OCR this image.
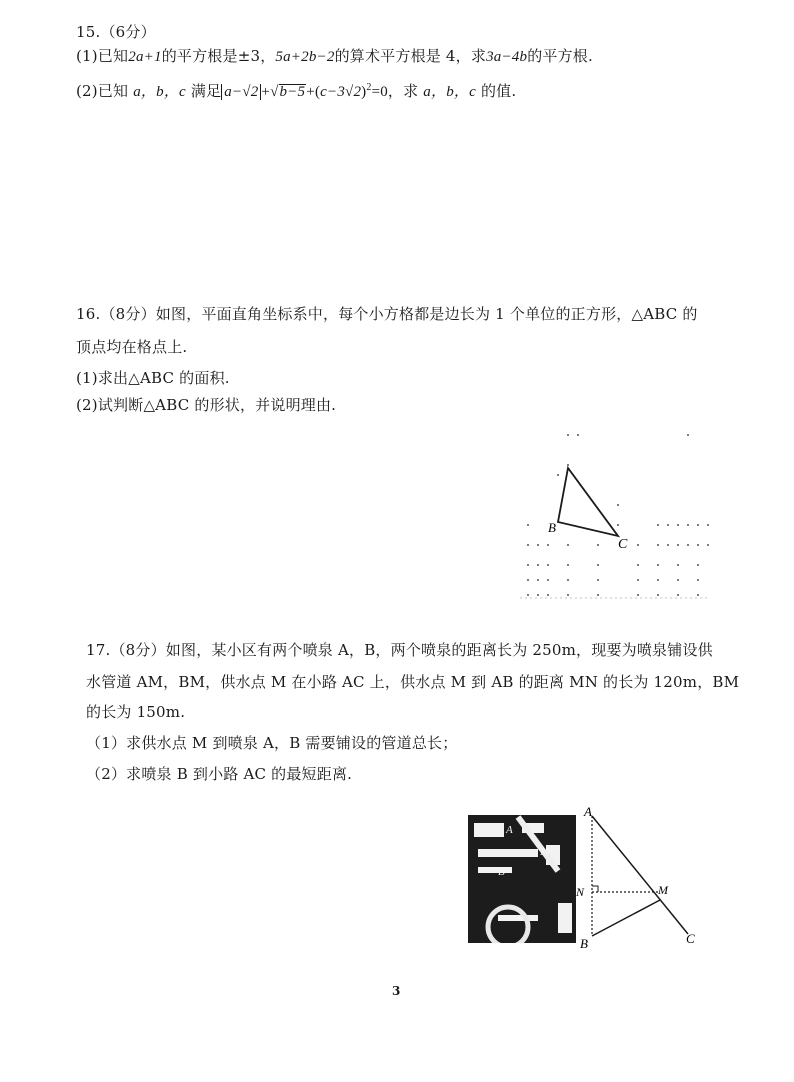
15.（6分）
(1)已知2a+1的平方根是±3，5a+2b−2的算术平方根是 4，求3a−4b的平方根.
(2)已知 a，b，c 满足 $a-√2 +√b-5+(c-3√2)^2=0$，求 a，b，c 的值.
16.（8分）如图，平面直角坐标系中，每个小方格都是边长为 1 个单位的正方形，△ABC 的
顶点均在格点上.
(1)求出△ABC 的面积.
(2)试判断△ABC 的形状，并说明理由.
B
C
17.（8分）如图，某小区有两个喷泉 A，B，两个喷泉的距离长为 250m，现要为喷泉铺设供
水管道 AM，BM，供水点 M 在小路 AC 上，供水点 M 到 AB 的距离 MN 的长为 120m，BM
的长为 150m.
（1）求供水点 M 到喷泉 A，B 需要铺设的管道总长；
（2）求喷泉 B 到小路 AC 的最短距离.
A
M
B
A
N
B
M
C
3
